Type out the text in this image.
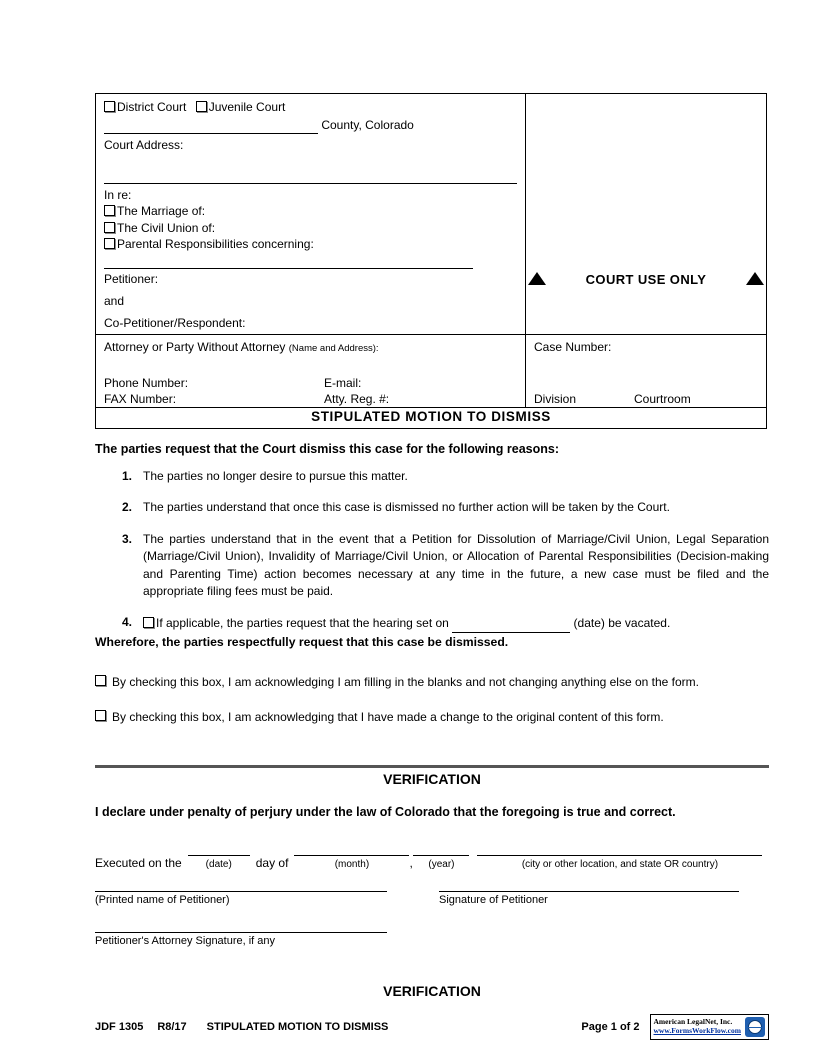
District Court Juvenile Court
County, Colorado
Court Address:
In re:
The Marriage of:
The Civil Union of:
Parental Responsibilities concerning:
Petitioner:
and
Co-Petitioner/Respondent:
Attorney or Party Without Attorney (Name and Address):
Phone Number:	E-mail:
FAX Number:	Atty. Reg. #:
COURT USE ONLY
Case Number:
Division	Courtroom
STIPULATED MOTION TO DISMISS
The parties request that the Court dismiss this case for the following reasons:
1. The parties no longer desire to pursue this matter.
2. The parties understand that once this case is dismissed no further action will be taken by the Court.
3. The parties understand that in the event that a Petition for Dissolution of Marriage/Civil Union, Legal Separation (Marriage/Civil Union), Invalidity of Marriage/Civil Union, or Allocation of Parental Responsibilities (Decision-making and Parenting Time) action becomes necessary at any time in the future, a new case must be filed and the appropriate filing fees must be paid.
4. If applicable, the parties request that the hearing set on	(date) be vacated.
Wherefore, the parties respectfully request that this case be dismissed.
By checking this box, I am acknowledging I am filling in the blanks and not changing anything else on the form.
By checking this box, I am acknowledging that I have made a change to the original content of this form.
VERIFICATION
I declare under penalty of perjury under the law of Colorado that the foregoing is true and correct.
Executed on the	(date)	day of	(month)	,	(year)	(city or other location, and state OR country)
(Printed name of Petitioner)	Signature of Petitioner
Petitioner's Attorney Signature, if any
VERIFICATION
JDF 1305 R8/17 STIPULATED MOTION TO DISMISS	Page 1 of 2 American LegalNet, Inc.
www.FormsWorkFlow.com
